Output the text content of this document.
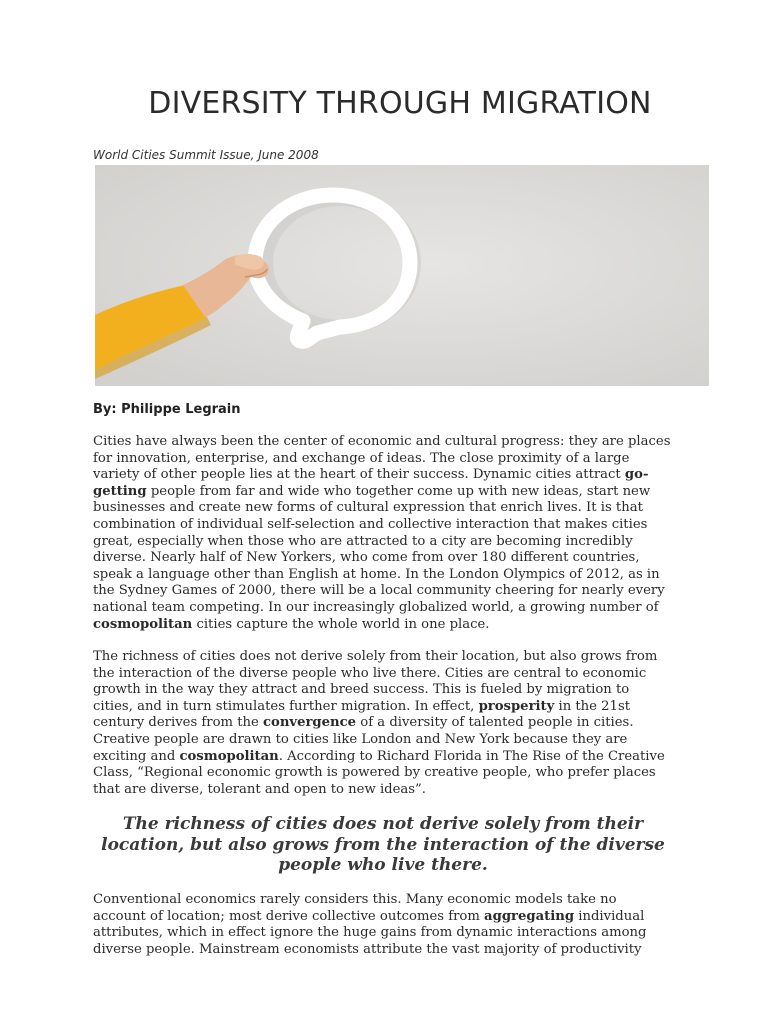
DIVERSITY THROUGH MIGRATION
World Cities Summit Issue, June 2008
By: Philippe Legrain

Cities have always been the center of economic and cultural progress: they are places for innovation, enterprise, and exchange of ideas. The close proximity of a large variety of other people lies at the heart of their success. Dynamic cities attract go- getting people from far and wide who together come up with new ideas, start new businesses and create new forms of cultural expression that enrich lives. It is that combination of individual self-selection and collective interaction that makes cities great, especially when those who are attracted to a city are becoming incredibly diverse. Nearly half of New Yorkers, who come from over 180 different countries, speak a language other than English at home. In the London Olympics of 2012, as in the Sydney Games of 2000, there will be a local community cheering for nearly every national team competing. In our increasingly globalized world, a growing number of cosmopolitan cities capture the whole world in one place.

The richness of cities does not derive solely from their location, but also grows from the interaction of the diverse people who live there. Cities are central to economic growth in the way they attract and breed success. This is fueled by migration to cities, and in turn stimulates further migration. In effect, prosperity in the 21st century derives from the convergence of a diversity of talented people in cities. Creative people are drawn to cities like London and New York because they are exciting and cosmopolitan. According to Richard Florida in The Rise of the Creative Class, “Regional economic growth is powered by creative people, who prefer places that are diverse, tolerant and open to new ideas”.

The richness of cities does not derive solely from their location, but also grows from the interaction of the diverse people who live there.

Conventional economics rarely considers this. Many economic models take no account of location; most derive collective outcomes from aggregating individual attributes, which in effect ignore the huge gains from dynamic interactions among diverse people. Mainstream economists attribute the vast majority of productivity
